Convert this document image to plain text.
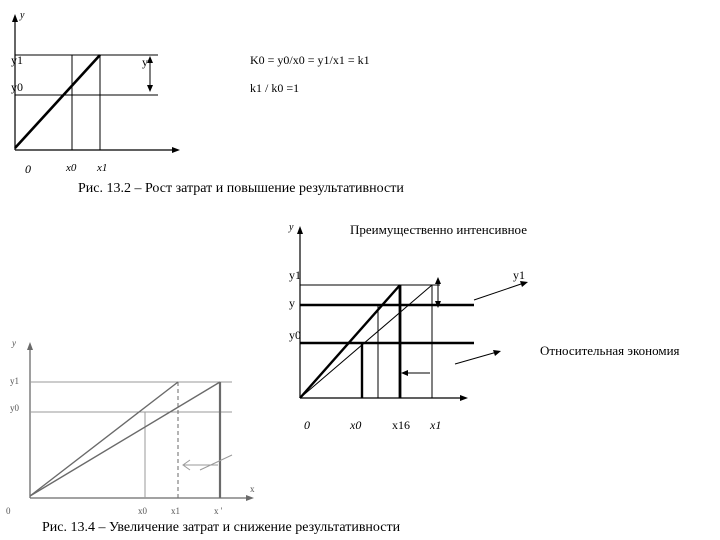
y
y1
y0
y
0	x0 x1
K0 = y0/x0 = y1/x1 = k1
k1 / k0 =1
Рис. 13.2 – Рост затрат и повышение результативности
y	Преимущественно интенсивное
y1
y
y0
y1
0	x0	x16 x1
Относительная экономия
y
y1
y0
0	x0	x1	x '
x
Рис. 13.4 – Увеличение затрат и снижение результативности
